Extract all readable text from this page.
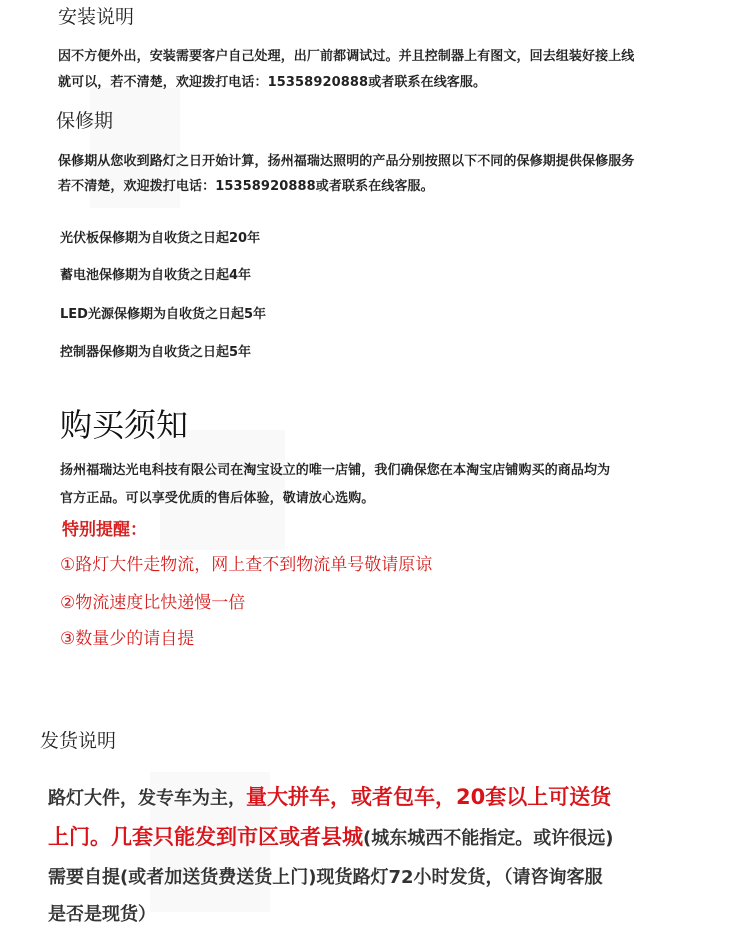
安装说明
因不方便外出，安装需要客户自己处理，出厂前都调试过。并且控制器上有图文，回去组装好接上线
就可以，若不清楚，欢迎拨打电话：15358920888或者联系在线客服。
保修期
保修期从您收到路灯之日开始计算，扬州福瑞达照明的产品分别按照以下不同的保修期提供保修服务
若不清楚，欢迎拨打电话：15358920888或者联系在线客服。
光伏板保修期为自收货之日起20年
蓄电池保修期为自收货之日起4年
LED光源保修期为自收货之日起5年
控制器保修期为自收货之日起5年
购买须知
扬州福瑞达光电科技有限公司在淘宝设立的唯一店铺，我们确保您在本淘宝店铺购买的商品均为
官方正品。可以享受优质的售后体验，敬请放心选购。
特别提醒：
①路灯大件走物流，网上查不到物流单号敬请原谅
②物流速度比快递慢一倍
③数量少的请自提
发货说明
路灯大件，发专车为主，量大拼车，或者包车，20套以上可送货
上门。几套只能发到市区或者县城(城东城西不能指定。或许很远)
需要自提(或者加送货费送货上门)现货路灯72小时发货，（请咨询客服
是否是现货）
